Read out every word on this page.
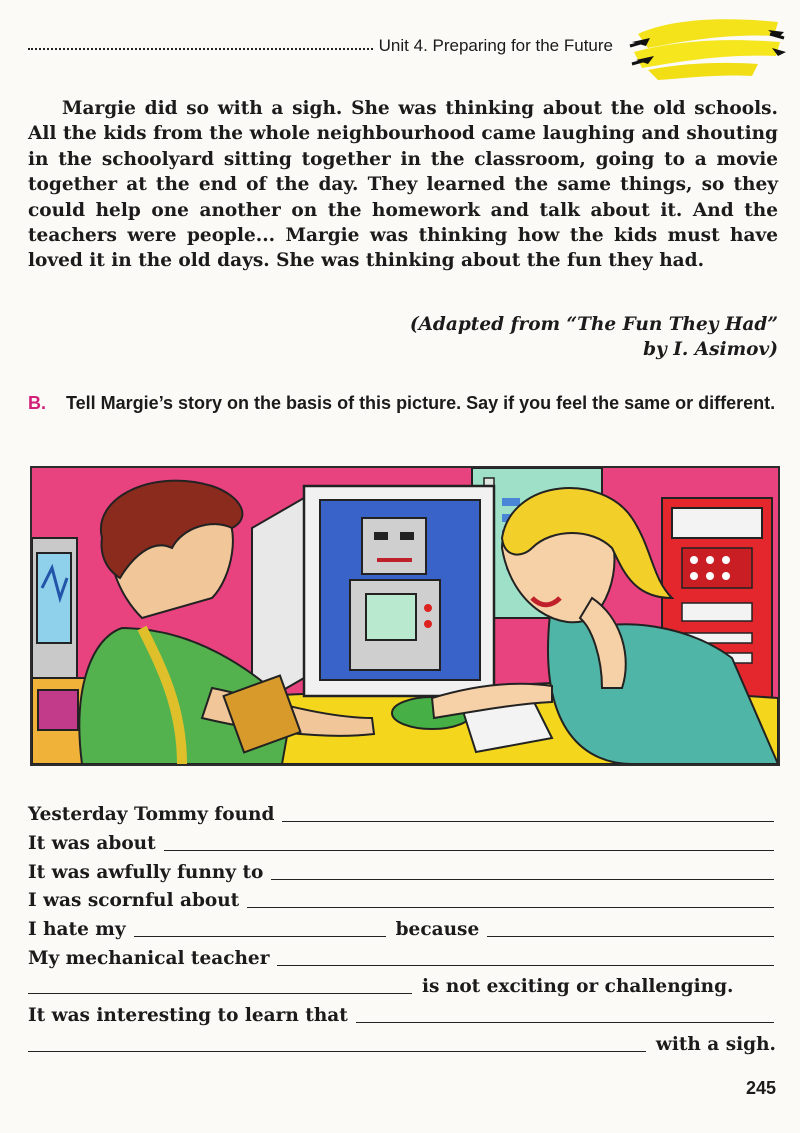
Unit 4. Preparing for the Future

Margie did so with a sigh. She was thinking about the old schools. All the kids from the whole neighbourhood came laughing and shouting in the schoolyard sitting together in the classroom, going to a movie together at the end of the day. They learned the same things, so they could help one another on the homework and talk about it. And the teachers were people... Margie was thinking how the kids must have loved it in the old days. She was thinking about the fun they had.

(Adapted from “The Fun They Had”
by I. Asimov)
B.	Tell Margie’s story on the basis of this picture. Say if you feel the same or different.
Yesterday Tommy found
It was about
It was awfully funny to
I was scornful about
I hate my	because
My mechanical teacher
is not exciting or challenging.
It was interesting to learn that
with a sigh.
245
